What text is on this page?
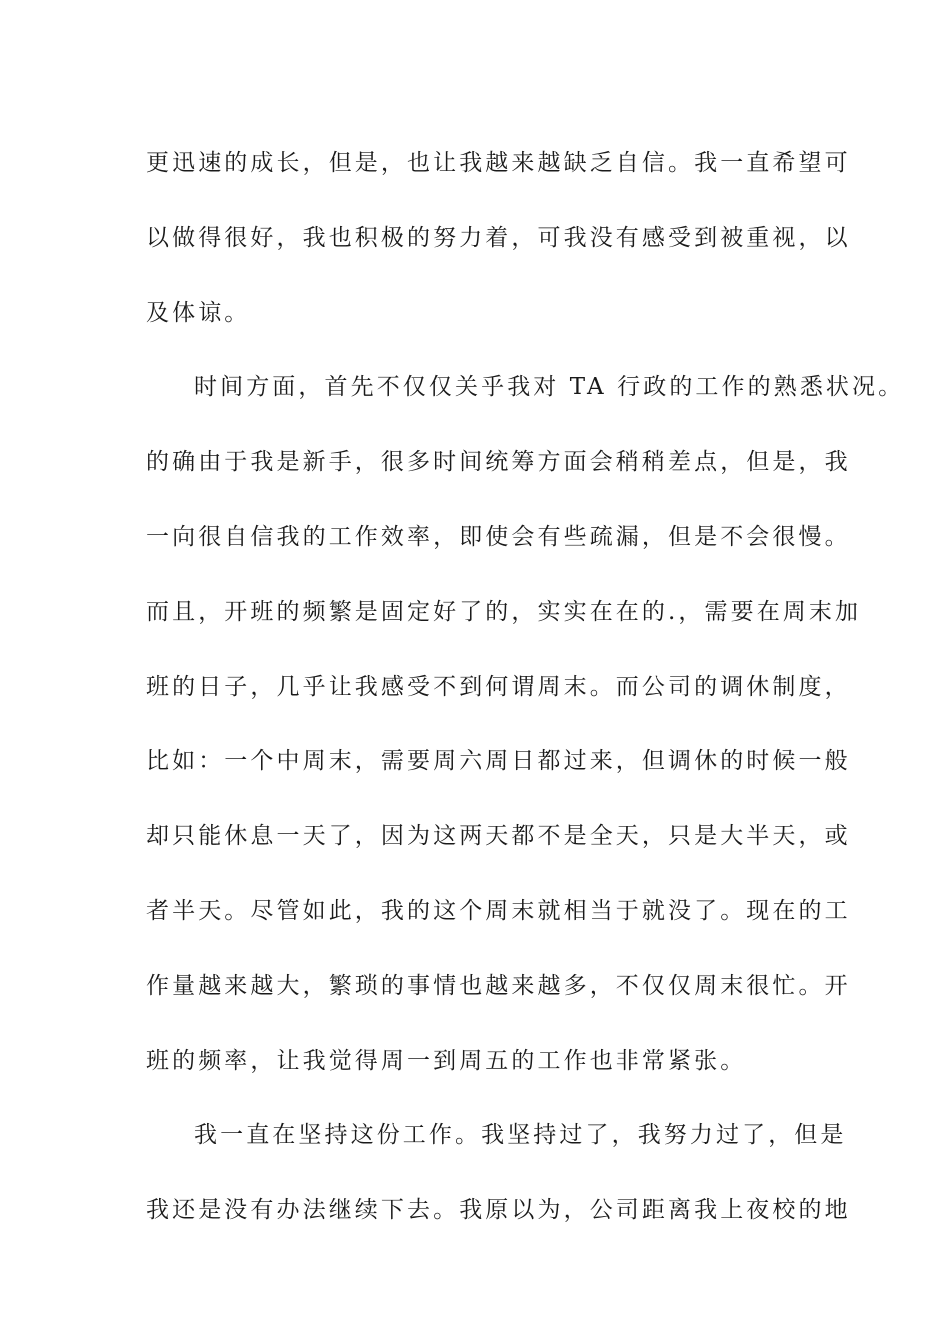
更迅速的成长，但是，也让我越来越缺乏自信。我一直希望可
以做得很好，我也积极的努力着，可我没有感受到被重视，以
及体谅。
时间方面，首先不仅仅关乎我对 TA 行政的工作的熟悉状况。
的确由于我是新手，很多时间统筹方面会稍稍差点，但是，我
一向很自信我的工作效率，即使会有些疏漏，但是不会很慢。
而且，开班的频繁是固定好了的，实实在在的.，需要在周末加
班的日子，几乎让我感受不到何谓周末。而公司的调休制度，
比如：一个中周末，需要周六周日都过来，但调休的时候一般
却只能休息一天了，因为这两天都不是全天，只是大半天，或
者半天。尽管如此，我的这个周末就相当于就没了。现在的工
作量越来越大，繁琐的事情也越来越多，不仅仅周末很忙。开
班的频率，让我觉得周一到周五的工作也非常紧张。
我一直在坚持这份工作。我坚持过了，我努力过了，但是
我还是没有办法继续下去。我原以为，公司距离我上夜校的地
